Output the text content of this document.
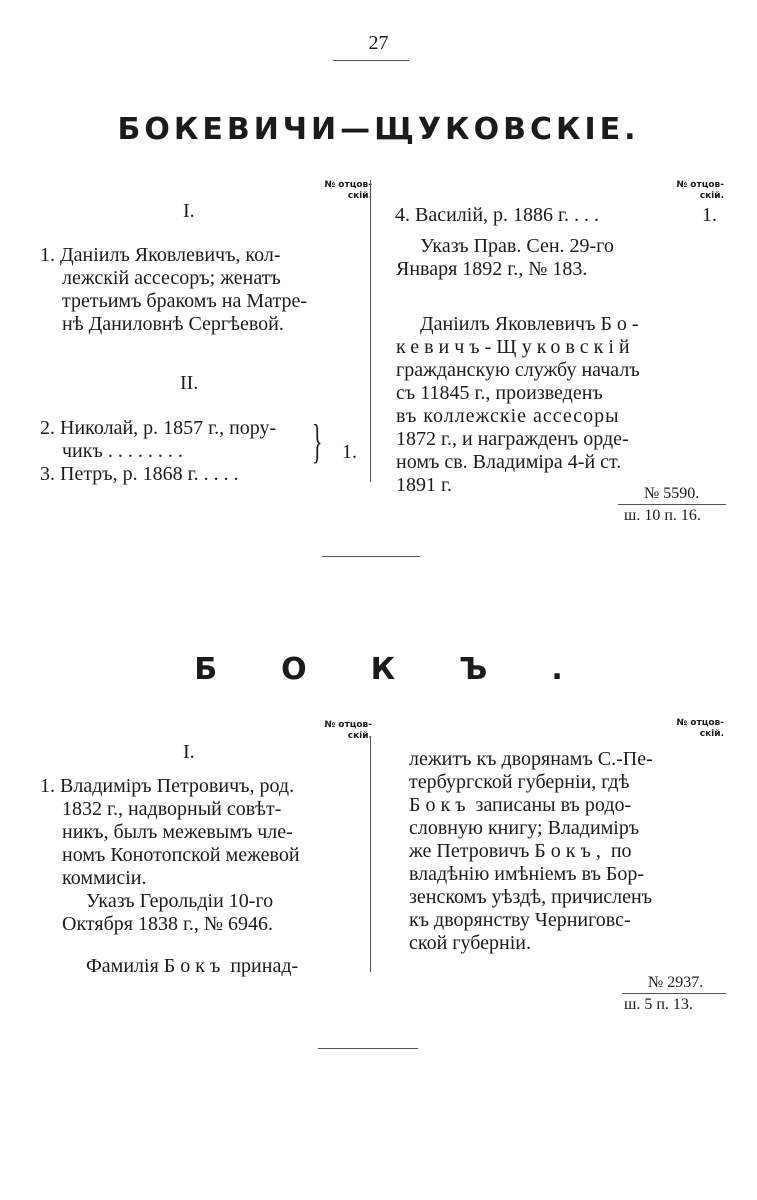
27
БОКЕВИЧИ—ЩУКОВСКІЕ.
№ отцов-
скій.
№ отцов-
скій.
I.
1. Даніилъ Яковлевичъ, кол-
лежскій ассесоръ; женатъ
третьимъ бракомъ на Матре-
нѣ Даниловнѣ Сергѣевой.
II.
2. Николай, р. 1857 г., пору-
чикъ . . . . . . . .
3. Петръ, р. 1868 г. . . . .
} 1.
4. Василій, р. 1886 г. . . .	1.
Указъ Прав. Сен. 29-го
Января 1892 г., № 183.
Даніилъ Яковлевичъ Бо-
кевичъ-Щуковскій
гражданскую службу началъ
съ 11845 г., произведенъ
въ коллежскіе ассесоры
1872 г., и награжденъ орде-
номъ св. Владиміра 4-й ст.
1891 г.	№ 5590.
ш. 10 п. 16.
БОКЪ.
№ отцов-
скій.
№ отцов-
скій.
I.
1. Владиміръ Петровичъ, род.
1832 г., надворный совѣт-
никъ, былъ межевымъ чле-
номъ Конотопской межевой
коммисіи.
Указъ Герольдіи 10-го
Октября 1838 г., № 6946.
Фамилія Бокъ принад-
лежитъ къ дворянамъ С.-Пе-
тербургской губерніи, гдѣ
Бокъ записаны въ родо-
словную книгу; Владиміръ
же Петровичъ Бокъ, по
владѣнію имѣніемъ въ Бор-
зенскомъ уѣздѣ, причисленъ
къ дворянству Черниговс-
ской губерніи.
№ 2937.
ш. 5 п. 13.
